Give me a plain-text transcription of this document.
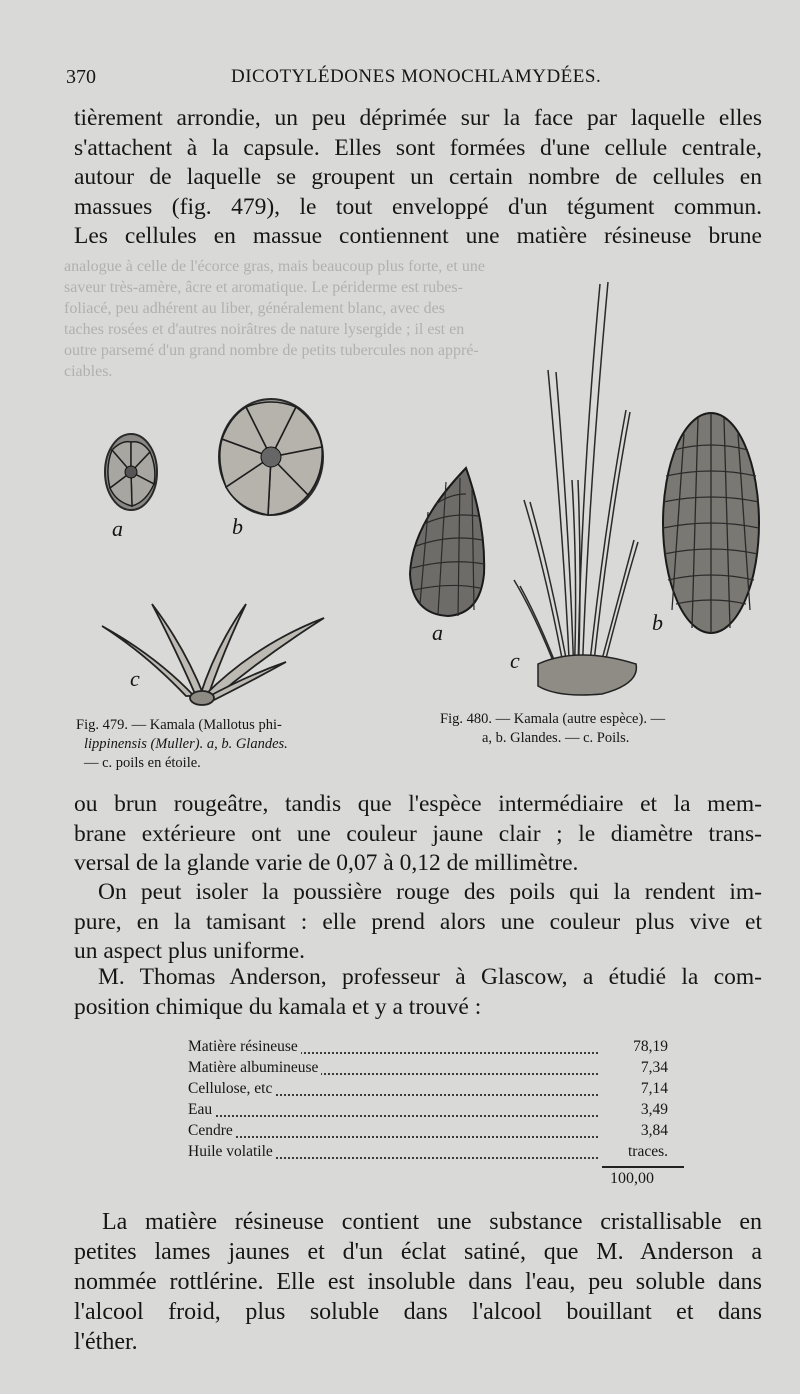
analogue à celle de l'écorce gras, mais beaucoup plus forte, et une
saveur très-amère, âcre et aromatique. Le périderme est rubes-
foliacé, peu adhérent au liber, généralement blanc, avec des
taches rosées et d'autres noirâtres de nature lysergide ; il est en
outre parsemé d'un grand nombre de petits tubercules non appré-
ciables.
370	DICOTYLÉDONES MONOCHLAMYDÉES.
tièrement arrondie, un peu déprimée sur la face par laquelle elles
s'attachent à la capsule. Elles sont formées d'une cellule centrale,
autour de laquelle se groupent un certain nombre de cellules en
massues (fig. 479), le tout enveloppé d'un tégument commun.
Les cellules en massue contiennent une matière résineuse brune
a	b
c
Fig. 479. — Kamala (Mallotus phi-
lippinensis (Muller). a, b. Glandes.
— c. poils en étoile.
a	b
c
Fig. 480. — Kamala (autre espèce). —
a, b. Glandes. — c. Poils.
ou brun rougeâtre, tandis que l'espèce intermédiaire et la mem-
brane extérieure ont une couleur jaune clair ; le diamètre trans-
versal de la glande varie de 0,07 à 0,12 de millimètre.
On peut isoler la poussière rouge des poils qui la rendent im-
pure, en la tamisant : elle prend alors une couleur plus vive et
un aspect plus uniforme.
M. Thomas Anderson, professeur à Glascow, a étudié la com-
position chimique du kamala et y a trouvé :
Matière résineuse	78,19
Matière albumineuse	7,34
Cellulose, etc	7,14
Eau	3,49
Cendre	3,84
Huile volatile	traces.
100,00
La matière résineuse contient une substance cristallisable en
petites lames jaunes et d'un éclat satiné, que M. Anderson a
nommée rottlérine. Elle est insoluble dans l'eau, peu soluble dans
l'alcool froid, plus soluble dans l'alcool bouillant et dans
l'éther.
